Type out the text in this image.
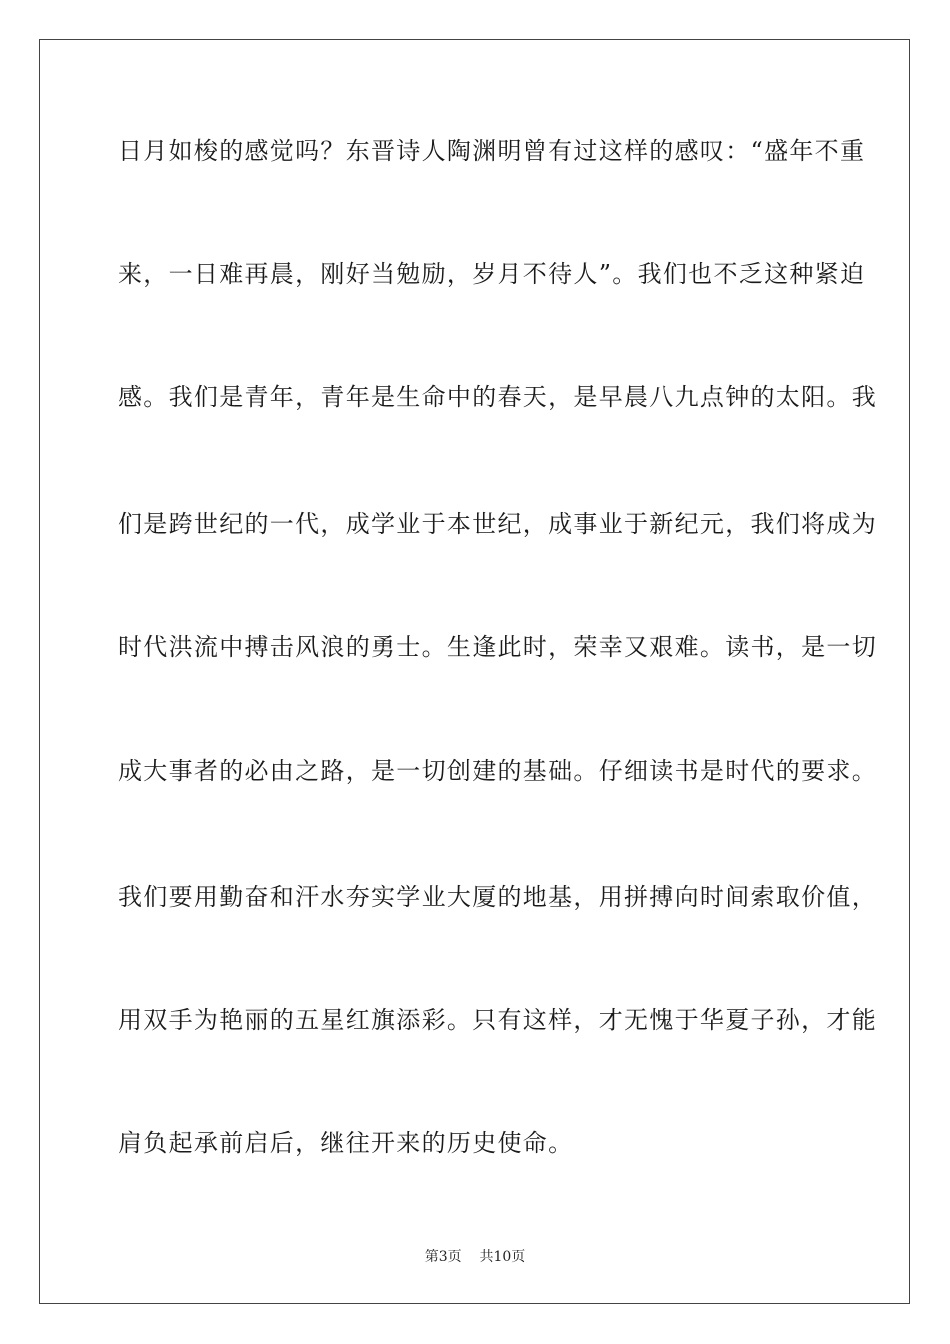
日月如梭的感觉吗？东晋诗人陶渊明曾有过这样的感叹：“盛年不重

来，一日难再晨，刚好当勉励，岁月不待人”。我们也不乏这种紧迫

感。我们是青年，青年是生命中的春天，是早晨八九点钟的太阳。我

们是跨世纪的一代，成学业于本世纪，成事业于新纪元，我们将成为

时代洪流中搏击风浪的勇士。生逢此时，荣幸又艰难。读书，是一切

成大事者的必由之路，是一切创建的基础。仔细读书是时代的要求。

我们要用勤奋和汗水夯实学业大厦的地基，用拼搏向时间索取价值，

用双手为艳丽的五星红旗添彩。只有这样，才无愧于华夏子孙，才能

肩负起承前启后，继往开来的历史使命。

第3页 共10页
